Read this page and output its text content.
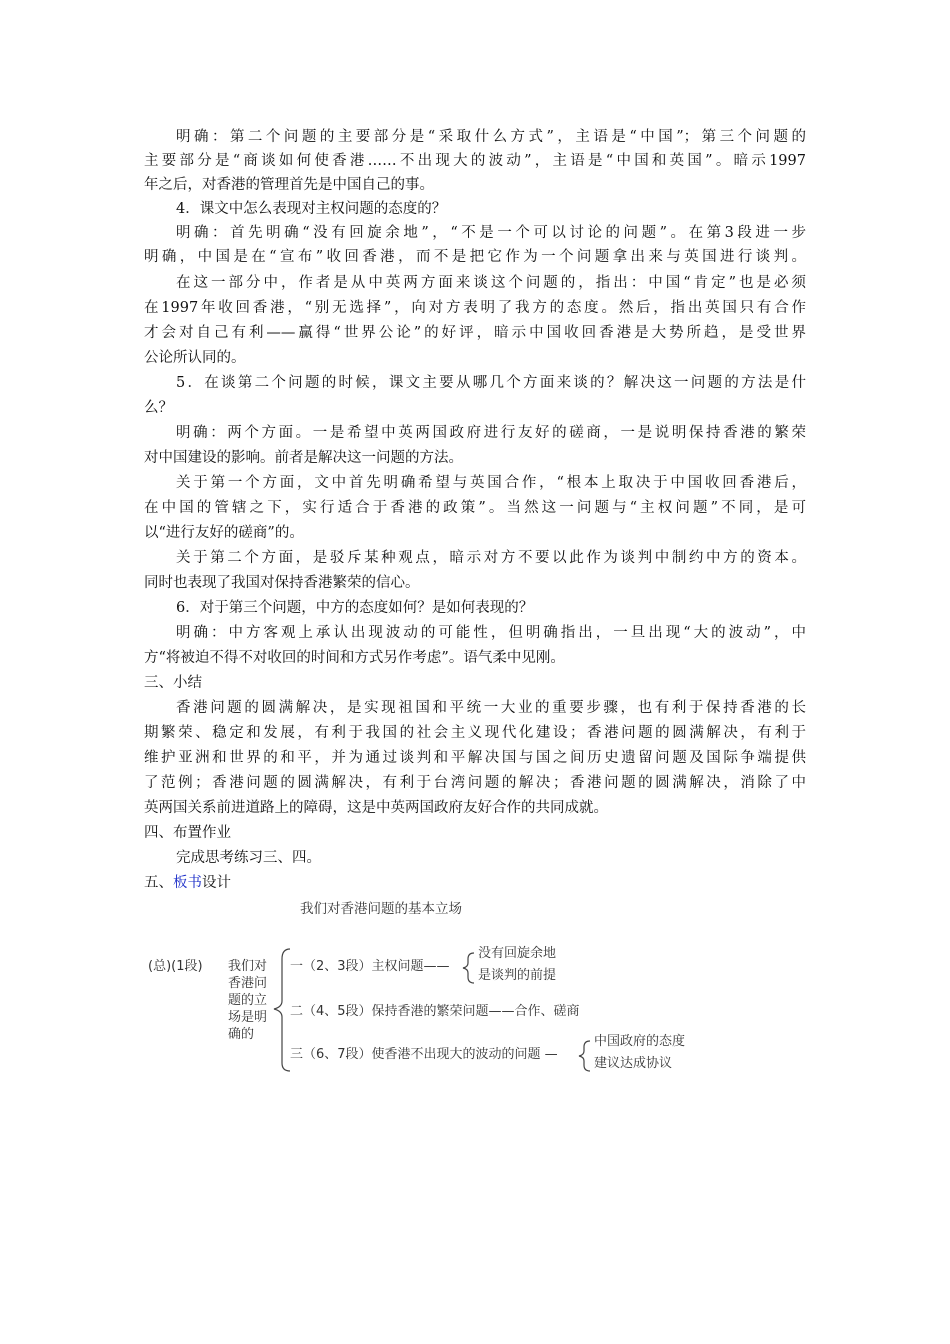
明确：第二个问题的主要部分是“采取什么方式”，主语是“中国”；第三个问题的
主要部分是“商谈如何使香港……不出现大的波动”，主语是“中国和英国”。暗示1997
年之后，对香港的管理首先是中国自己的事。
4．课文中怎么表现对主权问题的态度的？
明确：首先明确“没有回旋余地”，“不是一个可以讨论的问题”。在第3段进一步
明确，中国是在“宣布”收回香港，而不是把它作为一个问题拿出来与英国进行谈判。
在这一部分中，作者是从中英两方面来谈这个问题的，指出：中国“肯定”也是必须
在1997年收回香港，“别无选择”，向对方表明了我方的态度。然后，指出英国只有合作
才会对自己有利——赢得“世界公论”的好评，暗示中国收回香港是大势所趋，是受世界
公论所认同的。
5．在谈第二个问题的时候，课文主要从哪几个方面来谈的？解决这一问题的方法是什
么？
明确：两个方面。一是希望中英两国政府进行友好的磋商，一是说明保持香港的繁荣
对中国建设的影响。前者是解决这一问题的方法。
关于第一个方面，文中首先明确希望与英国合作，“根本上取决于中国收回香港后，
在中国的管辖之下，实行适合于香港的政策”。当然这一问题与“主权问题”不同，是可
以“进行友好的磋商”的。
关于第二个方面，是驳斥某种观点，暗示对方不要以此作为谈判中制约中方的资本。
同时也表现了我国对保持香港繁荣的信心。
6．对于第三个问题，中方的态度如何？是如何表现的？
明确：中方客观上承认出现波动的可能性，但明确指出，一旦出现“大的波动”，中
方“将被迫不得不对收回的时间和方式另作考虑”。语气柔中见刚。
三、小结
香港问题的圆满解决，是实现祖国和平统一大业的重要步骤，也有利于保持香港的长
期繁荣、稳定和发展，有利于我国的社会主义现代化建设；香港问题的圆满解决，有利于
维护亚洲和世界的和平，并为通过谈判和平解决国与国之间历史遗留问题及国际争端提供
了范例；香港问题的圆满解决，有利于台湾问题的解决；香港问题的圆满解决，消除了中
英两国关系前进道路上的障碍，这是中英两国政府友好合作的共同成就。
四、布置作业
完成思考练习三、四。
五、板书设计
我们对香港问题的基本立场
(总)(1段) 我们对
香港问
题的立
场是明
确的
一（2、3段）主权问题——
没有回旋余地
是谈判的前提
二（4、5段）保持香港的繁荣问题——合作、磋商
三（6、7段）使香港不出现大的波动的问题 —
中国政府的态度
建议达成协议
